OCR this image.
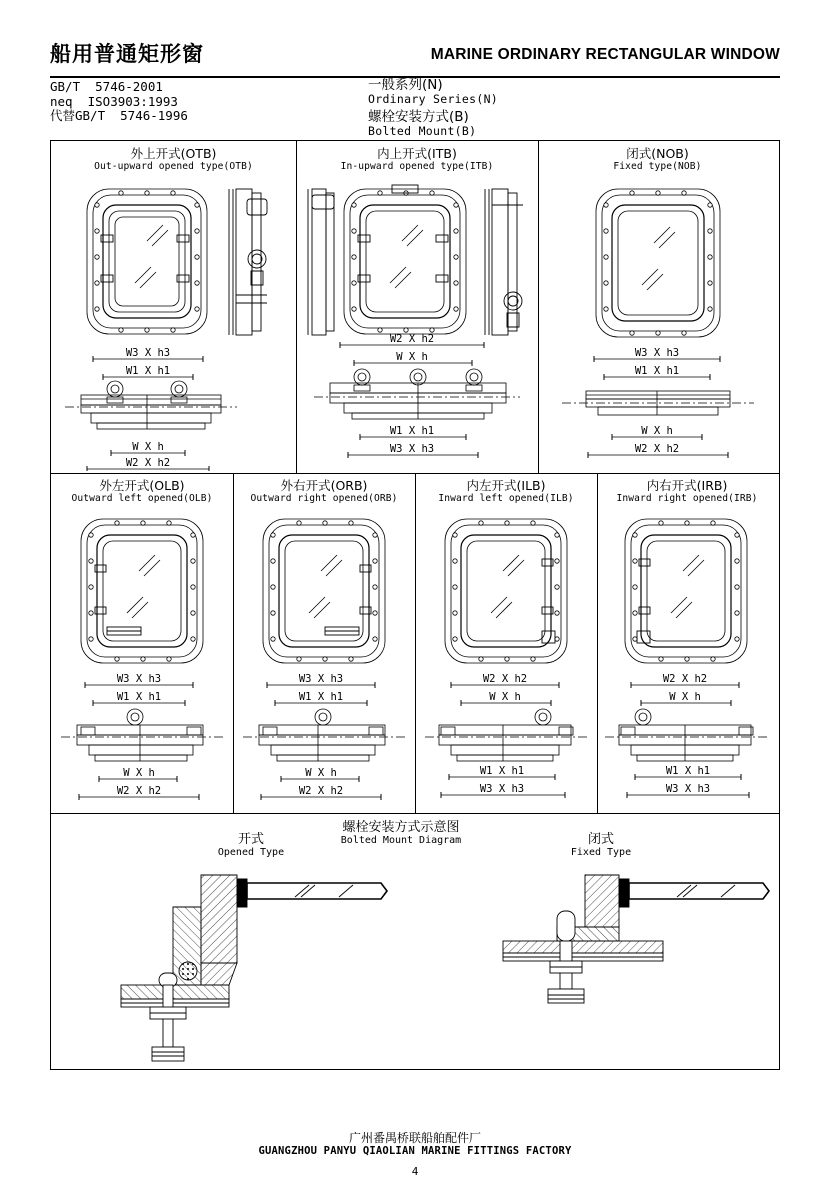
船用普通矩形窗	MARINE ORDINARY RECTANGULAR WINDOW
GB/T  5746-2001
neq  ISO3903:1993
代替GB/T  5746-1996
一般系列(N)
Ordinary Series(N)
螺栓安装方式(B)
Bolted Mount(B)
外上开式(OTB)
Out-upward opened type(OTB)
W3 X h3
W1 X h1
W X h
W2 X h2
内上开式(ITB)
In-upward opened type(ITB)
W2 X h2
W X h
W1 X h1
W3 X h3
闭式(NOB)
Fixed type(NOB)
W3 X h3
W1 X h1
W X h
W2 X h2
外左开式(OLB)
Outward left opened(OLB)
W3 X h3
W1 X h1
W X h
W2 X h2
外右开式(ORB)
Outward right opened(ORB)
W3 X h3
W1 X h1
W X h
W2 X h2
内左开式(ILB)
Inward left opened(ILB)
W2 X h2
W X h
W1 X h1
W3 X h3
内右开式(IRB)
Inward right opened(IRB)
W2 X h2
W X h
W1 X h1
W3 X h3
螺栓安装方式示意图
Bolted Mount Diagram
开式
Opened Type
闭式
Fixed Type
广州番禺桥联船舶配件厂
GUANGZHOU PANYU QIAOLIAN MARINE FITTINGS FACTORY
4
